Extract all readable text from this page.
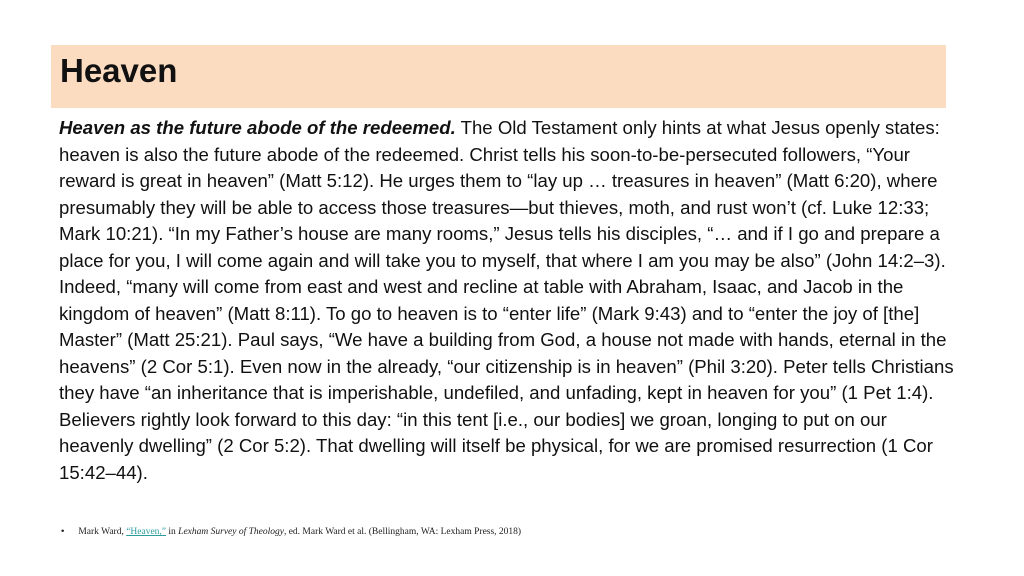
Heaven

Heaven as the future abode of the redeemed. The Old Testament only hints at what Jesus openly states: heaven is also the future abode of the redeemed. Christ tells his soon-to-be-persecuted followers, “Your reward is great in heaven” (Matt 5:12). He urges them to “lay up … treasures in heaven” (Matt 6:20), where presumably they will be able to access those treasures—but thieves, moth, and rust won’t (cf. Luke 12:33; Mark 10:21). “In my Father’s house are many rooms,” Jesus tells his disciples, “… and if I go and prepare a place for you, I will come again and will take you to myself, that where I am you may be also” (John 14:2–3). Indeed, “many will come from east and west and recline at table with Abraham, Isaac, and Jacob in the kingdom of heaven” (Matt 8:11). To go to heaven is to “enter life” (Mark 9:43) and to “enter the joy of [the] Master” (Matt 25:21). Paul says, “We have a building from God, a house not made with hands, eternal in the heavens” (2 Cor 5:1). Even now in the already, “our citizenship is in heaven” (Phil 3:20). Peter tells Christians they have “an inheritance that is imperishable, undefiled, and unfading, kept in heaven for you” (1 Pet 1:4). Believers rightly look forward to this day: “in this tent [i.e., our bodies] we groan, longing to put on our heavenly dwelling” (2 Cor 5:2). That dwelling will itself be physical, for we are promised resurrection (1 Cor 15:42–44).

• Mark Ward, “Heaven,” in Lexham Survey of Theology, ed. Mark Ward et al. (Bellingham, WA: Lexham Press, 2018)
